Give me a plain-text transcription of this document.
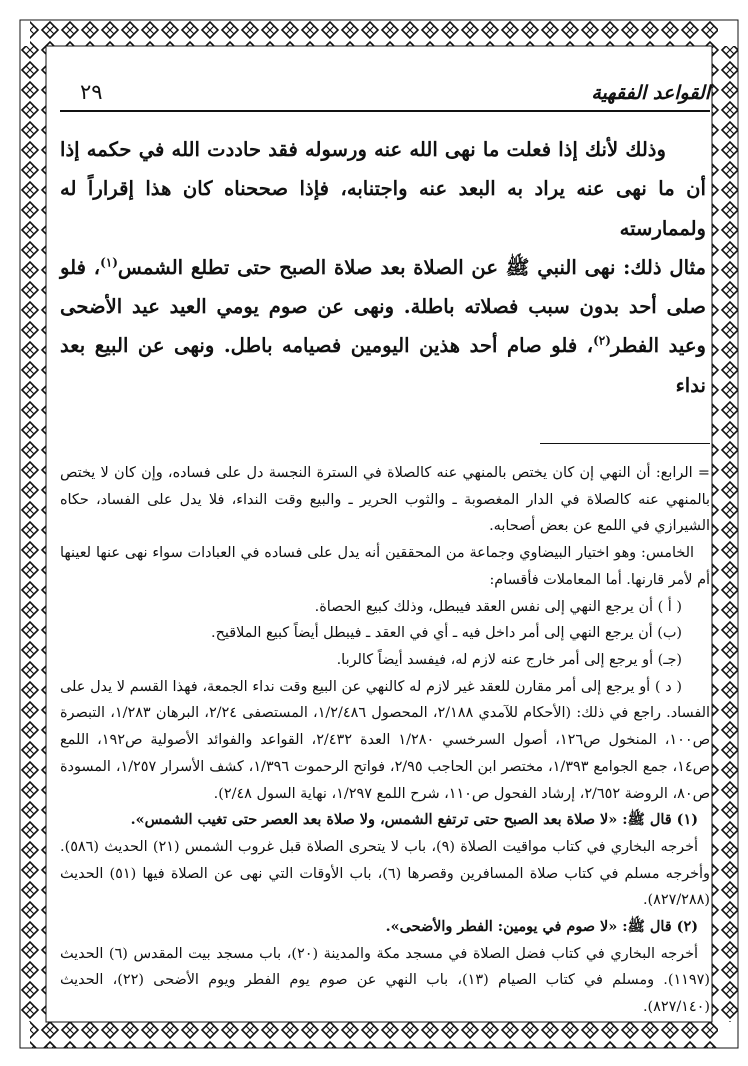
القواعد الفقهية
٢٩

وذلك لأنك إذا فعلت ما نهى الله عنه ورسوله فقد حاددت الله في حكمه إذا أن ما نهى عنه يراد به البعد عنه واجتنابه، فإذا صححناه كان هذا إقراراً له ولممارسته

مثال ذلك: نهى النبي ﷺ عن الصلاة بعد صلاة الصبح حتى تطلع الشمس$^{(١)}$، فلو صلى أحد بدون سبب فصلاته باطلة. ونهى عن صوم يومي العيد عيد الأضحى وعيد الفطر$^{(٢)}$، فلو صام أحد هذين اليومين فصيامه باطل. ونهى عن البيع بعد نداء

= الرابع: أن النهي إن كان يختص بالمنهي عنه كالصلاة في السترة النجسة دل على فساده، وإن كان لا يختص بالمنهي عنه كالصلاة في الدار المغصوبة ـ والثوب الحرير ـ والبيع وقت النداء، فلا يدل على الفساد، حكاه الشيرازي في اللمع عن بعض أصحابه.

الخامس: وهو اختيار البيضاوي وجماعة من المحققين أنه يدل على فساده في العبادات سواء نهى عنها لعينها أم لأمر قارنها. أما المعاملات فأقسام:

( أ ) أن يرجع النهي إلى نفس العقد فيبطل، وذلك كبيع الحصاة.

(ب) أن يرجع النهي إلى أمر داخل فيه ـ أي في العقد ـ فيبطل أيضاً كبيع الملاقيح.

(جـ) أو يرجع إلى أمر خارج عنه لازم له، فيفسد أيضاً كالربا.

( د ) أو يرجع إلى أمر مقارن للعقد غير لازم له كالنهي عن البيع وقت نداء الجمعة، فهذا القسم لا يدل على الفساد. راجع في ذلك: (الأحكام للآمدي ٢/١٨٨، المحصول ١/٢/٤٨٦، المستصفى ٢/٢٤، البرهان ١/٢٨٣، التبصرة ص١٠٠، المنخول ص١٢٦، أصول السرخسي ١/٢٨٠ العدة ٢/٤٣٢، القواعد والفوائد الأصولية ص١٩٢، اللمع ص١٤، جمع الجوامع ١/٣٩٣، مختصر ابن الحاجب ٢/٩٥، فواتح الرحموت ١/٣٩٦، كشف الأسرار ١/٢٥٧، المسودة ص٨٠، الروضة ٢/٦٥٢، إرشاد الفحول ص١١٠، شرح اللمع ١/٢٩٧، نهاية السول ٢/٤٨).

(١) قال ﷺ: «لا صلاة بعد الصبح حتى ترتفع الشمس، ولا صلاة بعد العصر حتى تغيب الشمس».

أخرجه البخاري في كتاب مواقيت الصلاة (٩)، باب لا يتحرى الصلاة قبل غروب الشمس (٢١) الحديث (٥٨٦). وأخرجه مسلم في كتاب صلاة المسافرين وقصرها (٦)، باب الأوقات التي نهى عن الصلاة فيها (٥١) الحديث (٨٢٧/٢٨٨).

(٢) قال ﷺ: «لا صوم في يومين: الفطر والأضحى».

أخرجه البخاري في كتاب فضل الصلاة في مسجد مكة والمدينة (٢٠)، باب مسجد بيت المقدس (٦) الحديث (١١٩٧). ومسلم في كتاب الصيام (١٣)، باب النهي عن صوم يوم الفطر ويوم الأضحى (٢٢)، الحديث (٨٢٧/١٤٠).
